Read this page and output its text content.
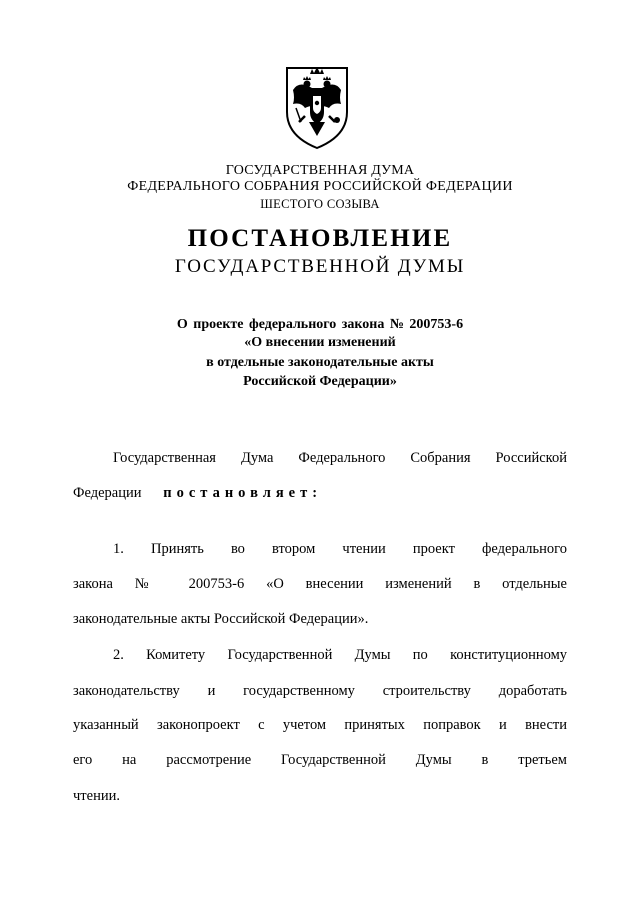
ГОСУДАРСТВЕННАЯ ДУМА
ФЕДЕРАЛЬНОГО СОБРАНИЯ РОССИЙСКОЙ ФЕДЕРАЦИИ
ШЕСТОГО СОЗЫВА
ПОСТАНОВЛЕНИЕ
ГОСУДАРСТВЕННОЙ ДУМЫ
О проекте федерального закона № 200753-6
«О внесении изменений
в отдельные законодательные акты
Российской Федерации»
Государственная Дума Федерального Собрания Российской
Федерации постановляет:
1. Принять во втором чтении проект федерального
закона № 200753-6 «О внесении изменений в отдельные
законодательные акты Российской Федерации».
2. Комитету Государственной Думы по конституционному
законодательству и государственному строительству доработать
указанный законопроект с учетом принятых поправок и внести
его на рассмотрение Государственной Думы в третьем
чтении.
